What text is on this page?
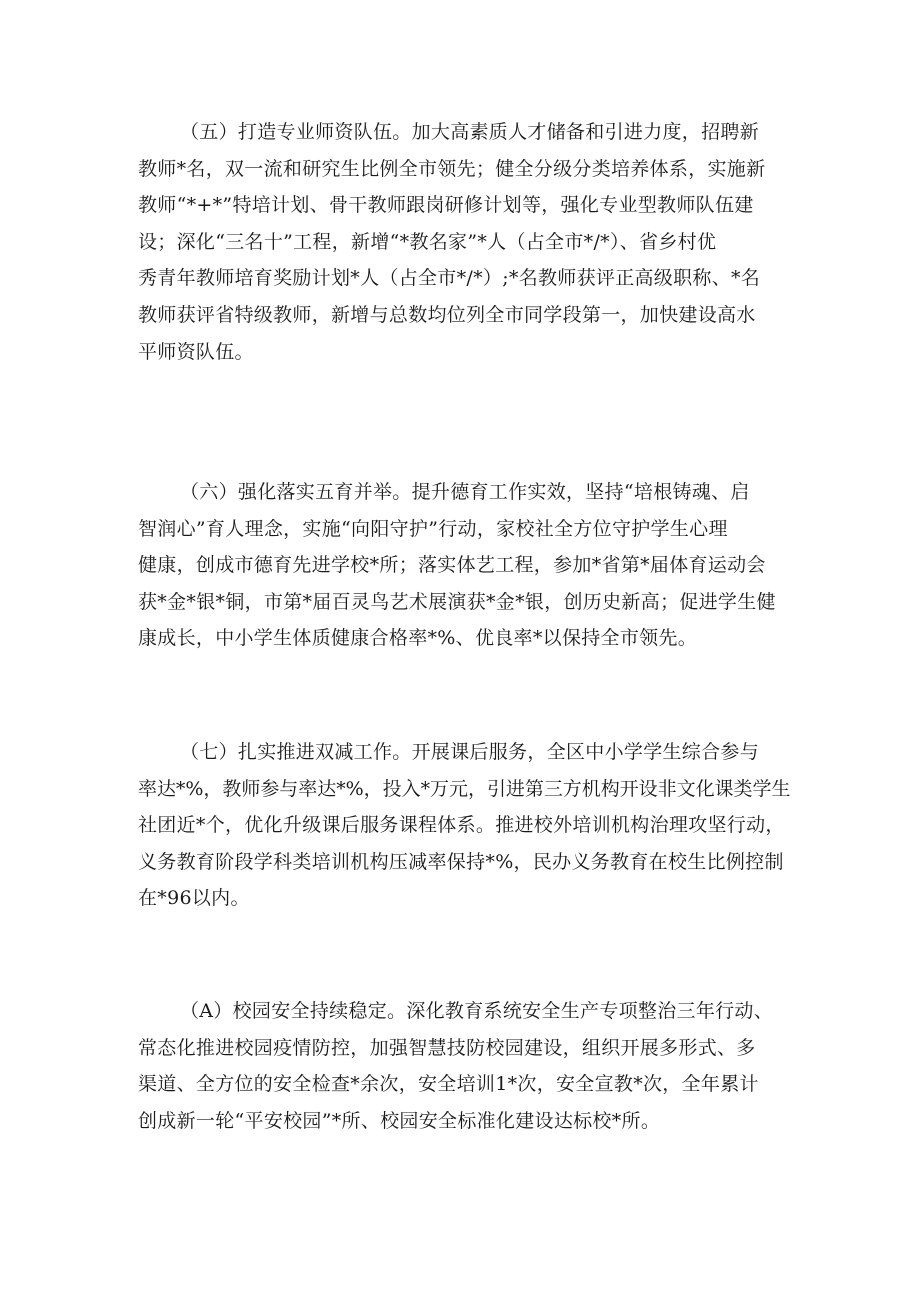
（五）打造专业师资队伍。加大高素质人才储备和引进力度，招聘新
教师*名，双一流和研究生比例全市领先；健全分级分类培养体系，实施新
教师“*+*”特培计划、骨干教师跟岗研修计划等，强化专业型教师队伍建
设；深化“三名十”工程，新增“*教名家”*人（占全市*/*）、省乡村优
秀青年教师培育奖励计划*人（占全市*/*）;*名教师获评正高级职称、*名
教师获评省特级教师，新增与总数均位列全市同学段第一，加快建设高水
平师资队伍。

（六）强化落实五育并举。提升德育工作实效，坚持“培根铸魂、启
智润心”育人理念，实施“向阳守护”行动，家校社全方位守护学生心理
健康，创成市德育先进学校*所；落实体艺工程，参加*省第*届体育运动会
获*金*银*铜，市第*届百灵鸟艺术展演获*金*银，创历史新高；促进学生健
康成长，中小学生体质健康合格率*%、优良率*以保持全市领先。

（七）扎实推进双减工作。开展课后服务，全区中小学学生综合参与
率达*%，教师参与率达*%，投入*万元，引进第三方机构开设非文化课类学生
社团近*个，优化升级课后服务课程体系。推进校外培训机构治理攻坚行动，
义务教育阶段学科类培训机构压减率保持*%，民办义务教育在校生比例控制
在*96以内。

（A）校园安全持续稳定。深化教育系统安全生产专项整治三年行动、
常态化推进校园疫情防控，加强智慧技防校园建设，组织开展多形式、多
渠道、全方位的安全检查*余次，安全培训1*次，安全宣教*次，全年累计
创成新一轮“平安校园”*所、校园安全标准化建设达标校*所。
